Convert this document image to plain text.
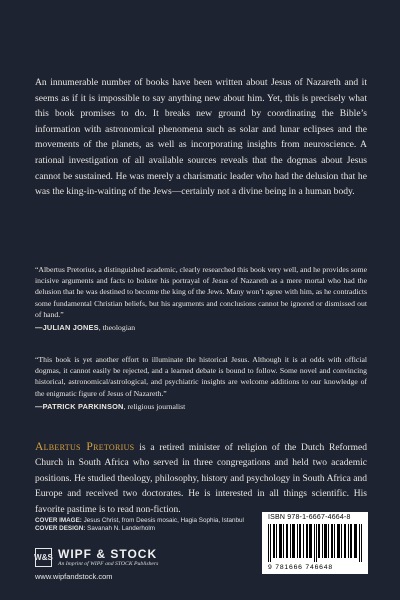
An innumerable number of books have been written about Jesus of Nazareth and it seems as if it is impossible to say anything new about him. Yet, this is precisely what this book promises to do. It breaks new ground by coordinating the Bible’s information with astronomical phenomena such as solar and lunar eclipses and the movements of the planets, as well as incorporating insights from neuroscience. A rational investigation of all available sources reveals that the dogmas about Jesus cannot be sustained. He was merely a charismatic leader who had the delusion that he was the king-in-waiting of the Jews—certainly not a divine being in a human body.

“Albertus Pretorius, a distinguished academic, clearly researched this book very well, and he provides some incisive arguments and facts to bolster his portrayal of Jesus of Nazareth as a mere mortal who had the delusion that he was destined to become the king of the Jews. Many won’t agree with him, as he contradicts some fundamental Christian beliefs, but his arguments and conclusions cannot be ignored or dismissed out of hand.”
—JULIAN JONES, theologian

“This book is yet another effort to illuminate the historical Jesus. Although it is at odds with official dogmas, it cannot easily be rejected, and a learned debate is bound to follow. Some novel and convincing historical, astronomical/astrological, and psychiatric insights are welcome additions to our knowledge of the enigmatic figure of Jesus of Nazareth.”
—PATRICK PARKINSON, religious journalist

Albertus Pretorius is a retired minister of religion of the Dutch Reformed Church in South Africa who served in three congregations and held two academic positions. He studied theology, philosophy, history and psychology in South Africa and Europe and received two doctorates. He is interested in all things scientific. His favorite pastime is to read non-fiction.

COVER IMAGE: Jesus Christ, from Deesis mosaic, Hagia Sophia, Istanbul
COVER DESIGN: Savanah N. Landerholm
W&S WIPF & STOCK
An Imprint of WIPF and STOCK Publishers
www.wipfandstock.com
ISBN 978-1-6667-4664-8
9 781666 746648
